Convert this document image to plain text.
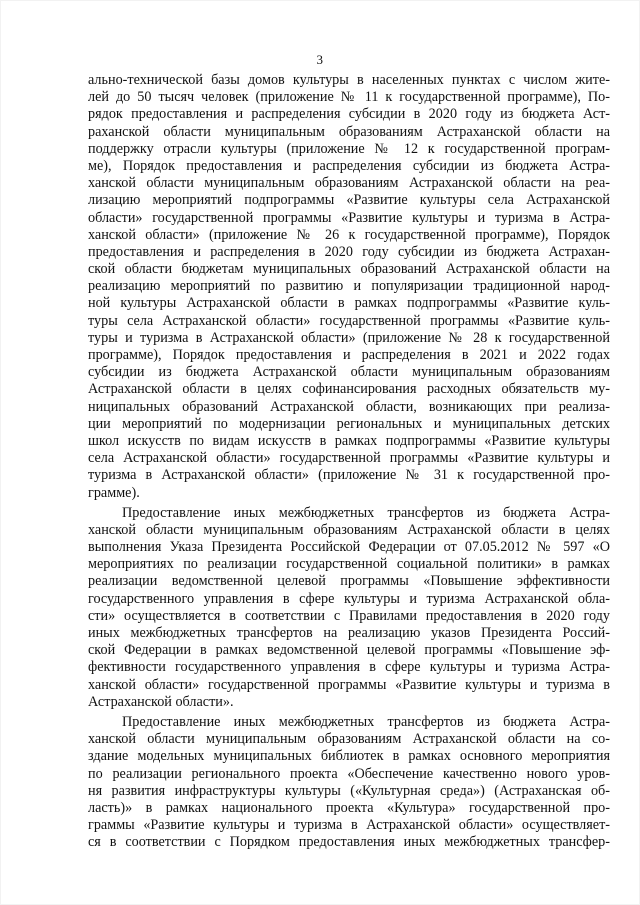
3
ально-технической базы домов культуры в населенных пунктах с числом жите-
лей до 50 тысяч человек (приложение № 11 к государственной программе), По-
рядок предоставления и распределения субсидии в 2020 году из бюджета Аст-
раханской области муниципальным образованиям Астраханской области на
поддержку отрасли культуры (приложение № 12 к государственной програм-
ме), Порядок предоставления и распределения субсидии из бюджета Астра-
ханской области муниципальным образованиям Астраханской области на реа-
лизацию мероприятий подпрограммы «Развитие культуры села Астраханской
области» государственной программы «Развитие культуры и туризма в Астра-
ханской области» (приложение № 26 к государственной программе), Порядок
предоставления и распределения в 2020 году субсидии из бюджета Астрахан-
ской области бюджетам муниципальных образований Астраханской области на
реализацию мероприятий по развитию и популяризации традиционной народ-
ной культуры Астраханской области в рамках подпрограммы «Развитие куль-
туры села Астраханской области» государственной программы «Развитие куль-
туры и туризма в Астраханской области» (приложение № 28 к государственной
программе), Порядок предоставления и распределения в 2021 и 2022 годах
субсидии из бюджета Астраханской области муниципальным образованиям
Астраханской области в целях софинансирования расходных обязательств му-
ниципальных образований Астраханской области, возникающих при реализа-
ции мероприятий по модернизации региональных и муниципальных детских
школ искусств по видам искусств в рамках подпрограммы «Развитие культуры
села Астраханской области» государственной программы «Развитие культуры и
туризма в Астраханской области» (приложение № 31 к государственной про-
грамме).
Предоставление иных межбюджетных трансфертов из бюджета Астра-
ханской области муниципальным образованиям Астраханской области в целях
выполнения Указа Президента Российской Федерации от 07.05.2012 № 597 «О
мероприятиях по реализации государственной социальной политики» в рамках
реализации ведомственной целевой программы «Повышение эффективности
государственного управления в сфере культуры и туризма Астраханской обла-
сти» осуществляется в соответствии с Правилами предоставления в 2020 году
иных межбюджетных трансфертов на реализацию указов Президента Россий-
ской Федерации в рамках ведомственной целевой программы «Повышение эф-
фективности государственного управления в сфере культуры и туризма Астра-
ханской области» государственной программы «Развитие культуры и туризма в
Астраханской области».
Предоставление иных межбюджетных трансфертов из бюджета Астра-
ханской области муниципальным образованиям Астраханской области на со-
здание модельных муниципальных библиотек в рамках основного мероприятия
по реализации регионального проекта «Обеспечение качественно нового уров-
ня развития инфраструктуры культуры («Культурная среда») (Астраханская об-
ласть)» в рамках национального проекта «Культура» государственной про-
граммы «Развитие культуры и туризма в Астраханской области» осуществляет-
ся в соответствии с Порядком предоставления иных межбюджетных трансфер-
